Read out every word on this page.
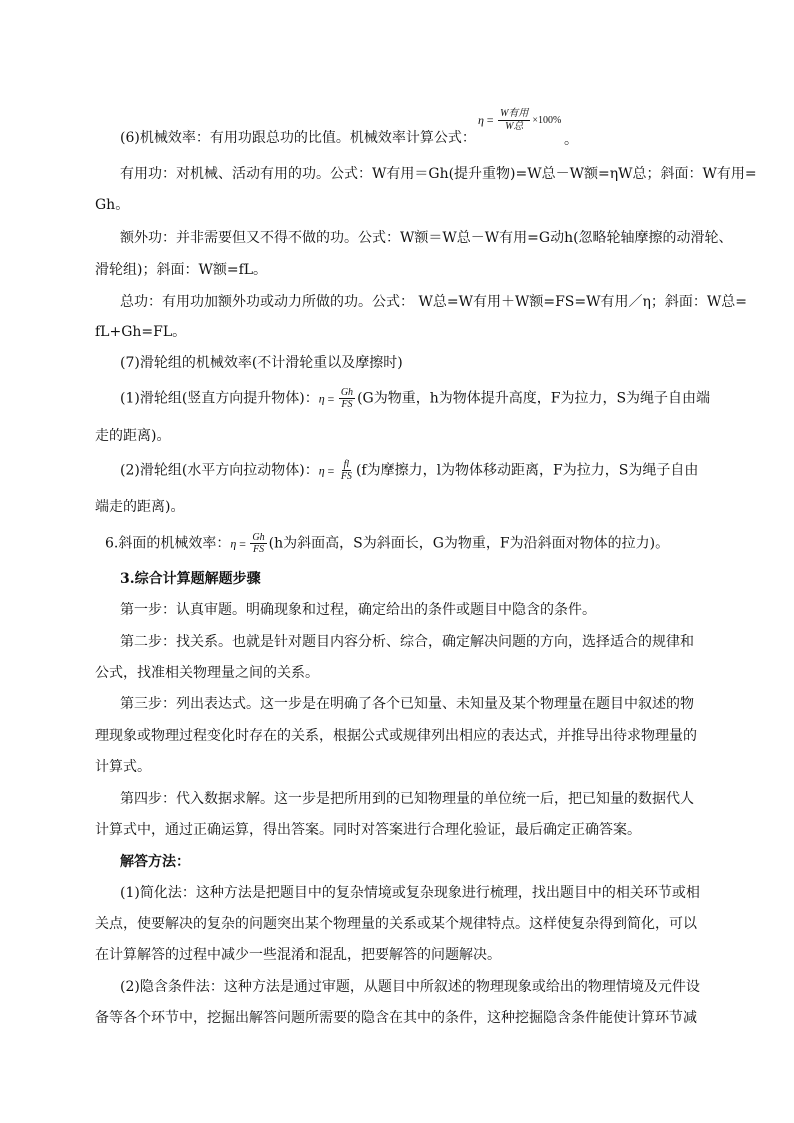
(6)机械效率：有用功跟总功的比值。机械效率计算公式：
$\eta = \frac{\text{W有用}}{\text{W总}} \times 100\%$
。
有用功：对机械、活动有用的功。公式：W有用＝Gh(提升重物)=W总－W额=ηW总；斜面：W有用=
Gh。
额外功：并非需要但又不得不做的功。公式：W额＝W总－W有用=G动h(忽略轮轴摩擦的动滑轮、
滑轮组)；斜面：W额=fL。
总功：有用功加额外功或动力所做的功。公式： W总=W有用＋W额=FS=W有用／η；斜面：W总=
fL+Gh=FL。
(7)滑轮组的机械效率(不计滑轮重以及摩擦时)
(1)滑轮组(竖直方向提升物体)：$\eta = \frac{Gh}{FS} (G$为物重，h为物体提升高度，F为拉力，S为绳子自由端
走的距离)。
(2)滑轮组(水平方向拉动物体)：$\eta = \frac{fl}{FS} (f$为摩擦力，l为物体移动距离，F为拉力，S为绳子自由
端走的距离)。
6.斜面的机械效率：$\eta = \frac{Gh}{FS} (h$为斜面高，S为斜面长，G为物重，F为沿斜面对物体的拉力)。
3.综合计算题解题步骤
第一步：认真审题。明确现象和过程，确定给出的条件或题目中隐含的条件。
第二步：找关系。也就是针对题目内容分析、综合，确定解决问题的方向，选择适合的规律和
公式，找准相关物理量之间的关系。
第三步：列出表达式。这一步是在明确了各个已知量、未知量及某个物理量在题目中叙述的物
理现象或物理过程变化时存在的关系，根据公式或规律列出相应的表达式，并推导出待求物理量的
计算式。
第四步：代入数据求解。这一步是把所用到的已知物理量的单位统一后，把已知量的数据代人
计算式中，通过正确运算，得出答案。同时对答案进行合理化验证，最后确定正确答案。
解答方法：
(1)简化法：这种方法是把题目中的复杂情境或复杂现象进行梳理，找出题目中的相关环节或相
关点，使要解决的复杂的问题突出某个物理量的关系或某个规律特点。这样使复杂得到简化，可以
在计算解答的过程中减少一些混淆和混乱，把要解答的问题解决。
(2)隐含条件法：这种方法是通过审题，从题目中所叙述的物理现象或给出的物理情境及元件设
备等各个环节中，挖掘出解答问题所需要的隐含在其中的条件，这种挖掘隐含条件能使计算环节减
